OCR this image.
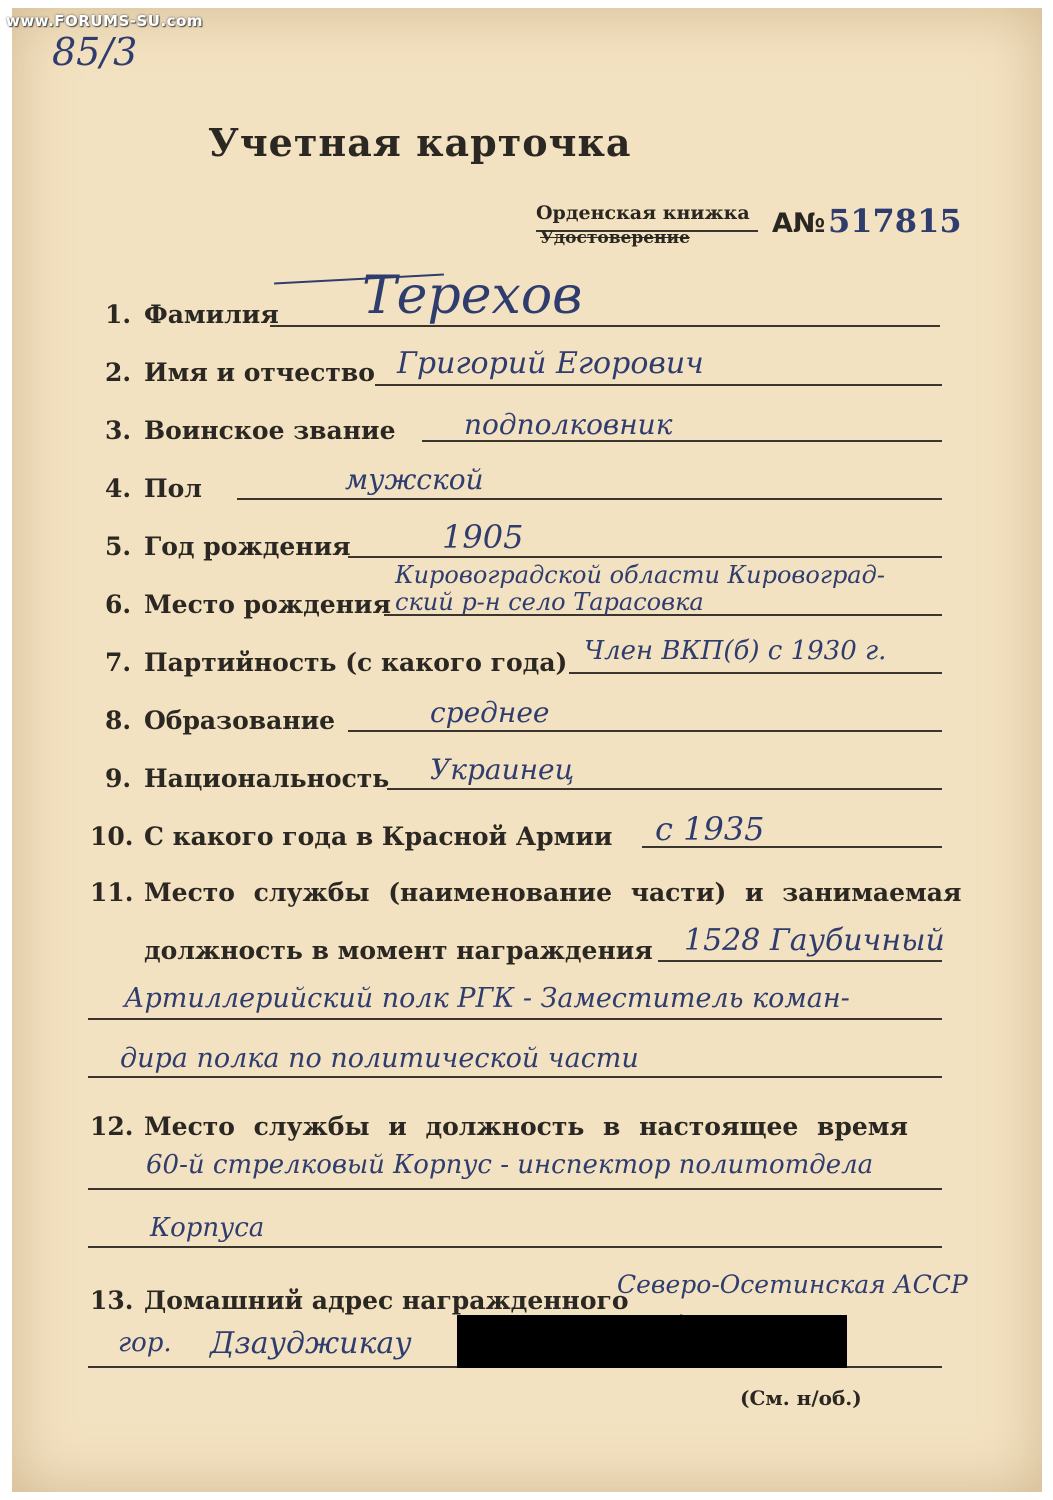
85/3
Учетная карточка
Орденская книжка
Удостоверение	А№ 517815
1. Фамилия Терехов
2. Имя и отчество Григорий Егорович
3. Воинское звание подполковник
4. Пол	мужской
5. Год рождения	1905
6. Место рождения
Кировоградской области Кировоград-
ский р-н село Тарасовка
7. Партийность (с какого года) Член ВКП(б) с 1930 г.
8. Образование	среднее
9. Национальность Украинец
10. С какого года в Красной Армии с 1935
11. Место службы (наименование части) и занимаемая
должность в момент награждения 1528 Гаубичный
Артиллерийский полк РГК - Заместитель коман-
дира полка по политической части
12. Место службы и должность в настоящее время
60-й стрелковый Корпус - инспектор политотдела
Корпуса
13. Домашний адрес награжденного
Северо-Осетинская АССР
гор. Дзауджикау
(См. н/об.)
www.FORUMS-SU.com
